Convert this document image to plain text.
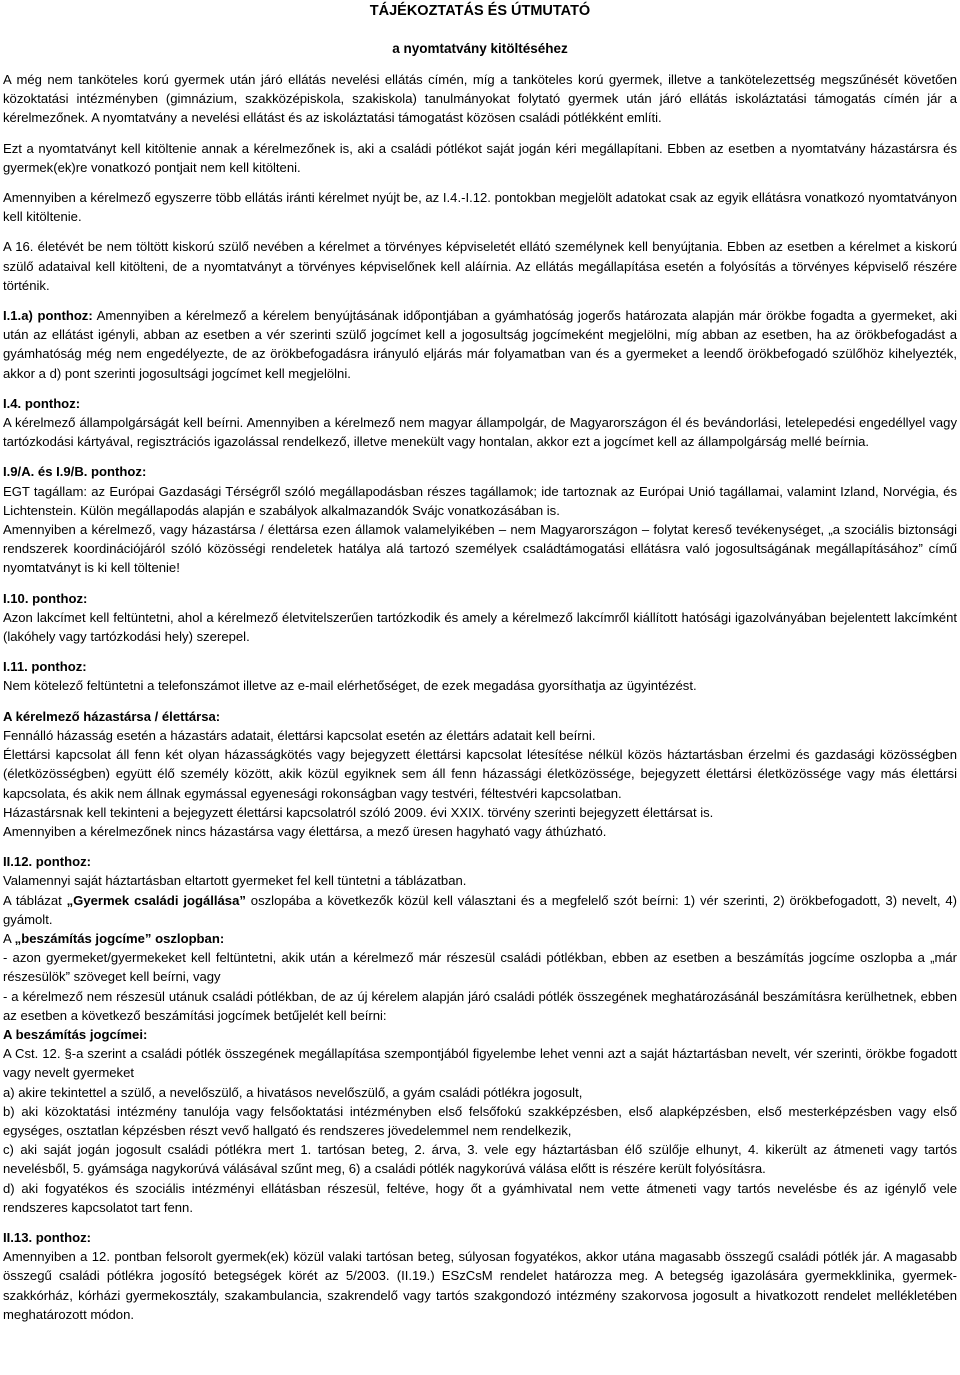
TÁJÉKOZTATÁS ÉS ÚTMUTATÓ

a nyomtatvány kitöltéséhez

A még nem tanköteles korú gyermek után járó ellátás nevelési ellátás címén, míg a tanköteles korú gyermek, illetve a tankötelezettség megszűnését követően közoktatási intézményben (gimnázium, szakközépiskola, szakiskola) tanulmányokat folytató gyermek után járó ellátás iskoláztatási támogatás címén jár a kérelmezőnek. A nyomtatvány a nevelési ellátást és az iskoláztatási támogatást közösen családi pótlékként említi.

Ezt a nyomtatványt kell kitöltenie annak a kérelmezőnek is, aki a családi pótlékot saját jogán kéri megállapítani. Ebben az esetben a nyomtatvány házastársra és gyermek(ek)re vonatkozó pontjait nem kell kitölteni.

Amennyiben a kérelmező egyszerre több ellátás iránti kérelmet nyújt be, az I.4.-I.12. pontokban megjelölt adatokat csak az egyik ellátásra vonatkozó nyomtatványon kell kitöltenie.

A 16. életévét be nem töltött kiskorú szülő nevében a kérelmet a törvényes képviseletét ellátó személynek kell benyújtania. Ebben az esetben a kérelmet a kiskorú szülő adataival kell kitölteni, de a nyomtatványt a törvényes képviselőnek kell aláírnia. Az ellátás megállapítása esetén a folyósítás a törvényes képviselő részére történik.

I.1.a) ponthoz: Amennyiben a kérelmező a kérelem benyújtásának időpontjában a gyámhatóság jogerős határozata alapján már örökbe fogadta a gyermeket, aki után az ellátást igényli, abban az esetben a vér szerinti szülő jogcímet kell a jogosultság jogcímeként megjelölni, míg abban az esetben, ha az örökbefogadást a gyámhatóság még nem engedélyezte, de az örökbefogadásra irányuló eljárás már folyamatban van és a gyermeket a leendő örökbefogadó szülőhöz kihelyezték, akkor a d) pont szerinti jogosultsági jogcímet kell megjelölni.

I.4. ponthoz:

A kérelmező állampolgárságát kell beírni. Amennyiben a kérelmező nem magyar állampolgár, de Magyarországon él és bevándorlási, letelepedési engedéllyel vagy tartózkodási kártyával, regisztrációs igazolással rendelkező, illetve menekült vagy hontalan, akkor ezt a jogcímet kell az állampolgárság mellé beírnia.

I.9/A. és I.9/B. ponthoz:

EGT tagállam: az Európai Gazdasági Térségről szóló megállapodásban részes tagállamok; ide tartoznak az Európai Unió tagállamai, valamint Izland, Norvégia, és Lichtenstein. Külön megállapodás alapján e szabályok alkalmazandók Svájc vonatkozásában is.

Amennyiben a kérelmező, vagy házastársa / élettársa ezen államok valamelyikében – nem Magyarországon – folytat kereső tevékenységet, „a szociális biztonsági rendszerek koordinációjáról szóló közösségi rendeletek hatálya alá tartozó személyek családtámogatási ellátásra való jogosultságának megállapításához” című nyomtatványt is ki kell töltenie!

I.10. ponthoz:

Azon lakcímet kell feltüntetni, ahol a kérelmező életvitelszerűen tartózkodik és amely a kérelmező lakcímről kiállított hatósági igazolványában bejelentett lakcímként (lakóhely vagy tartózkodási hely) szerepel.

I.11. ponthoz:

Nem kötelező feltüntetni a telefonszámot illetve az e-mail elérhetőséget, de ezek megadása gyorsíthatja az ügyintézést.

A kérelmező házastársa / élettársa:

Fennálló házasság esetén a házastárs adatait, élettársi kapcsolat esetén az élettárs adatait kell beírni.

Élettársi kapcsolat áll fenn két olyan házasságkötés vagy bejegyzett élettársi kapcsolat létesítése nélkül közös háztartásban érzelmi és gazdasági közösségben (életközösségben) együtt élő személy között, akik közül egyiknek sem áll fenn házassági életközössége, bejegyzett élettársi életközössége vagy más élettársi kapcsolata, és akik nem állnak egymással egyenesági rokonságban vagy testvéri, féltestvéri kapcsolatban.

Házastársnak kell tekinteni a bejegyzett élettársi kapcsolatról szóló 2009. évi XXIX. törvény szerinti bejegyzett élettársat is.

Amennyiben a kérelmezőnek nincs házastársa vagy élettársa, a mező üresen hagyható vagy áthúzható.

II.12. ponthoz:

Valamennyi saját háztartásban eltartott gyermeket fel kell tüntetni a táblázatban.

A táblázat „Gyermek családi jogállása” oszlopába a következők közül kell választani és a megfelelő szót beírni: 1) vér szerinti, 2) örökbefogadott, 3) nevelt, 4) gyámolt.

A „beszámítás jogcíme” oszlopban:

- azon gyermeket/gyermekeket kell feltüntetni, akik után a kérelmező már részesül családi pótlékban, ebben az esetben a beszámítás jogcíme oszlopba a „már részesülök” szöveget kell beírni, vagy

- a kérelmező nem részesül utánuk családi pótlékban, de az új kérelem alapján járó családi pótlék összegének meghatározásánál beszámításra kerülhetnek, ebben az esetben a következő beszámítási jogcímek betűjelét kell beírni:

A beszámítás jogcímei:

A Cst. 12. §-a szerint a családi pótlék összegének megállapítása szempontjából figyelembe lehet venni azt a saját háztartásban nevelt, vér szerinti, örökbe fogadott vagy nevelt gyermeket

a) akire tekintettel a szülő, a nevelőszülő, a hivatásos nevelőszülő, a gyám családi pótlékra jogosult,

b) aki közoktatási intézmény tanulója vagy felsőoktatási intézményben első felsőfokú szakképzésben, első alapképzésben, első mesterképzésben vagy első egységes, osztatlan képzésben részt vevő hallgató és rendszeres jövedelemmel nem rendelkezik,

c) aki saját jogán jogosult családi pótlékra mert 1. tartósan beteg, 2. árva, 3. vele egy háztartásban élő szülője elhunyt, 4. kikerült az átmeneti vagy tartós nevelésből, 5. gyámsága nagykorúvá válásával szűnt meg, 6) a családi pótlék nagykorúvá válása előtt is részére került folyósításra.

d) aki fogyatékos és szociális intézményi ellátásban részesül, feltéve, hogy őt a gyámhivatal nem vette átmeneti vagy tartós nevelésbe és az igénylő vele rendszeres kapcsolatot tart fenn.

II.13. ponthoz:

Amennyiben a 12. pontban felsorolt gyermek(ek) közül valaki tartósan beteg, súlyosan fogyatékos, akkor utána magasabb összegű családi pótlék jár. A magasabb összegű családi pótlékra jogosító betegségek körét az 5/2003. (II.19.) ESzCsM rendelet határozza meg. A betegség igazolására gyermekklinika, gyermek-szakkórház, kórházi gyermekosztály, szakambulancia, szakrendelő vagy tartós szakgondozó intézmény szakorvosa jogosult a hivatkozott rendelet mellékletében meghatározott módon.
